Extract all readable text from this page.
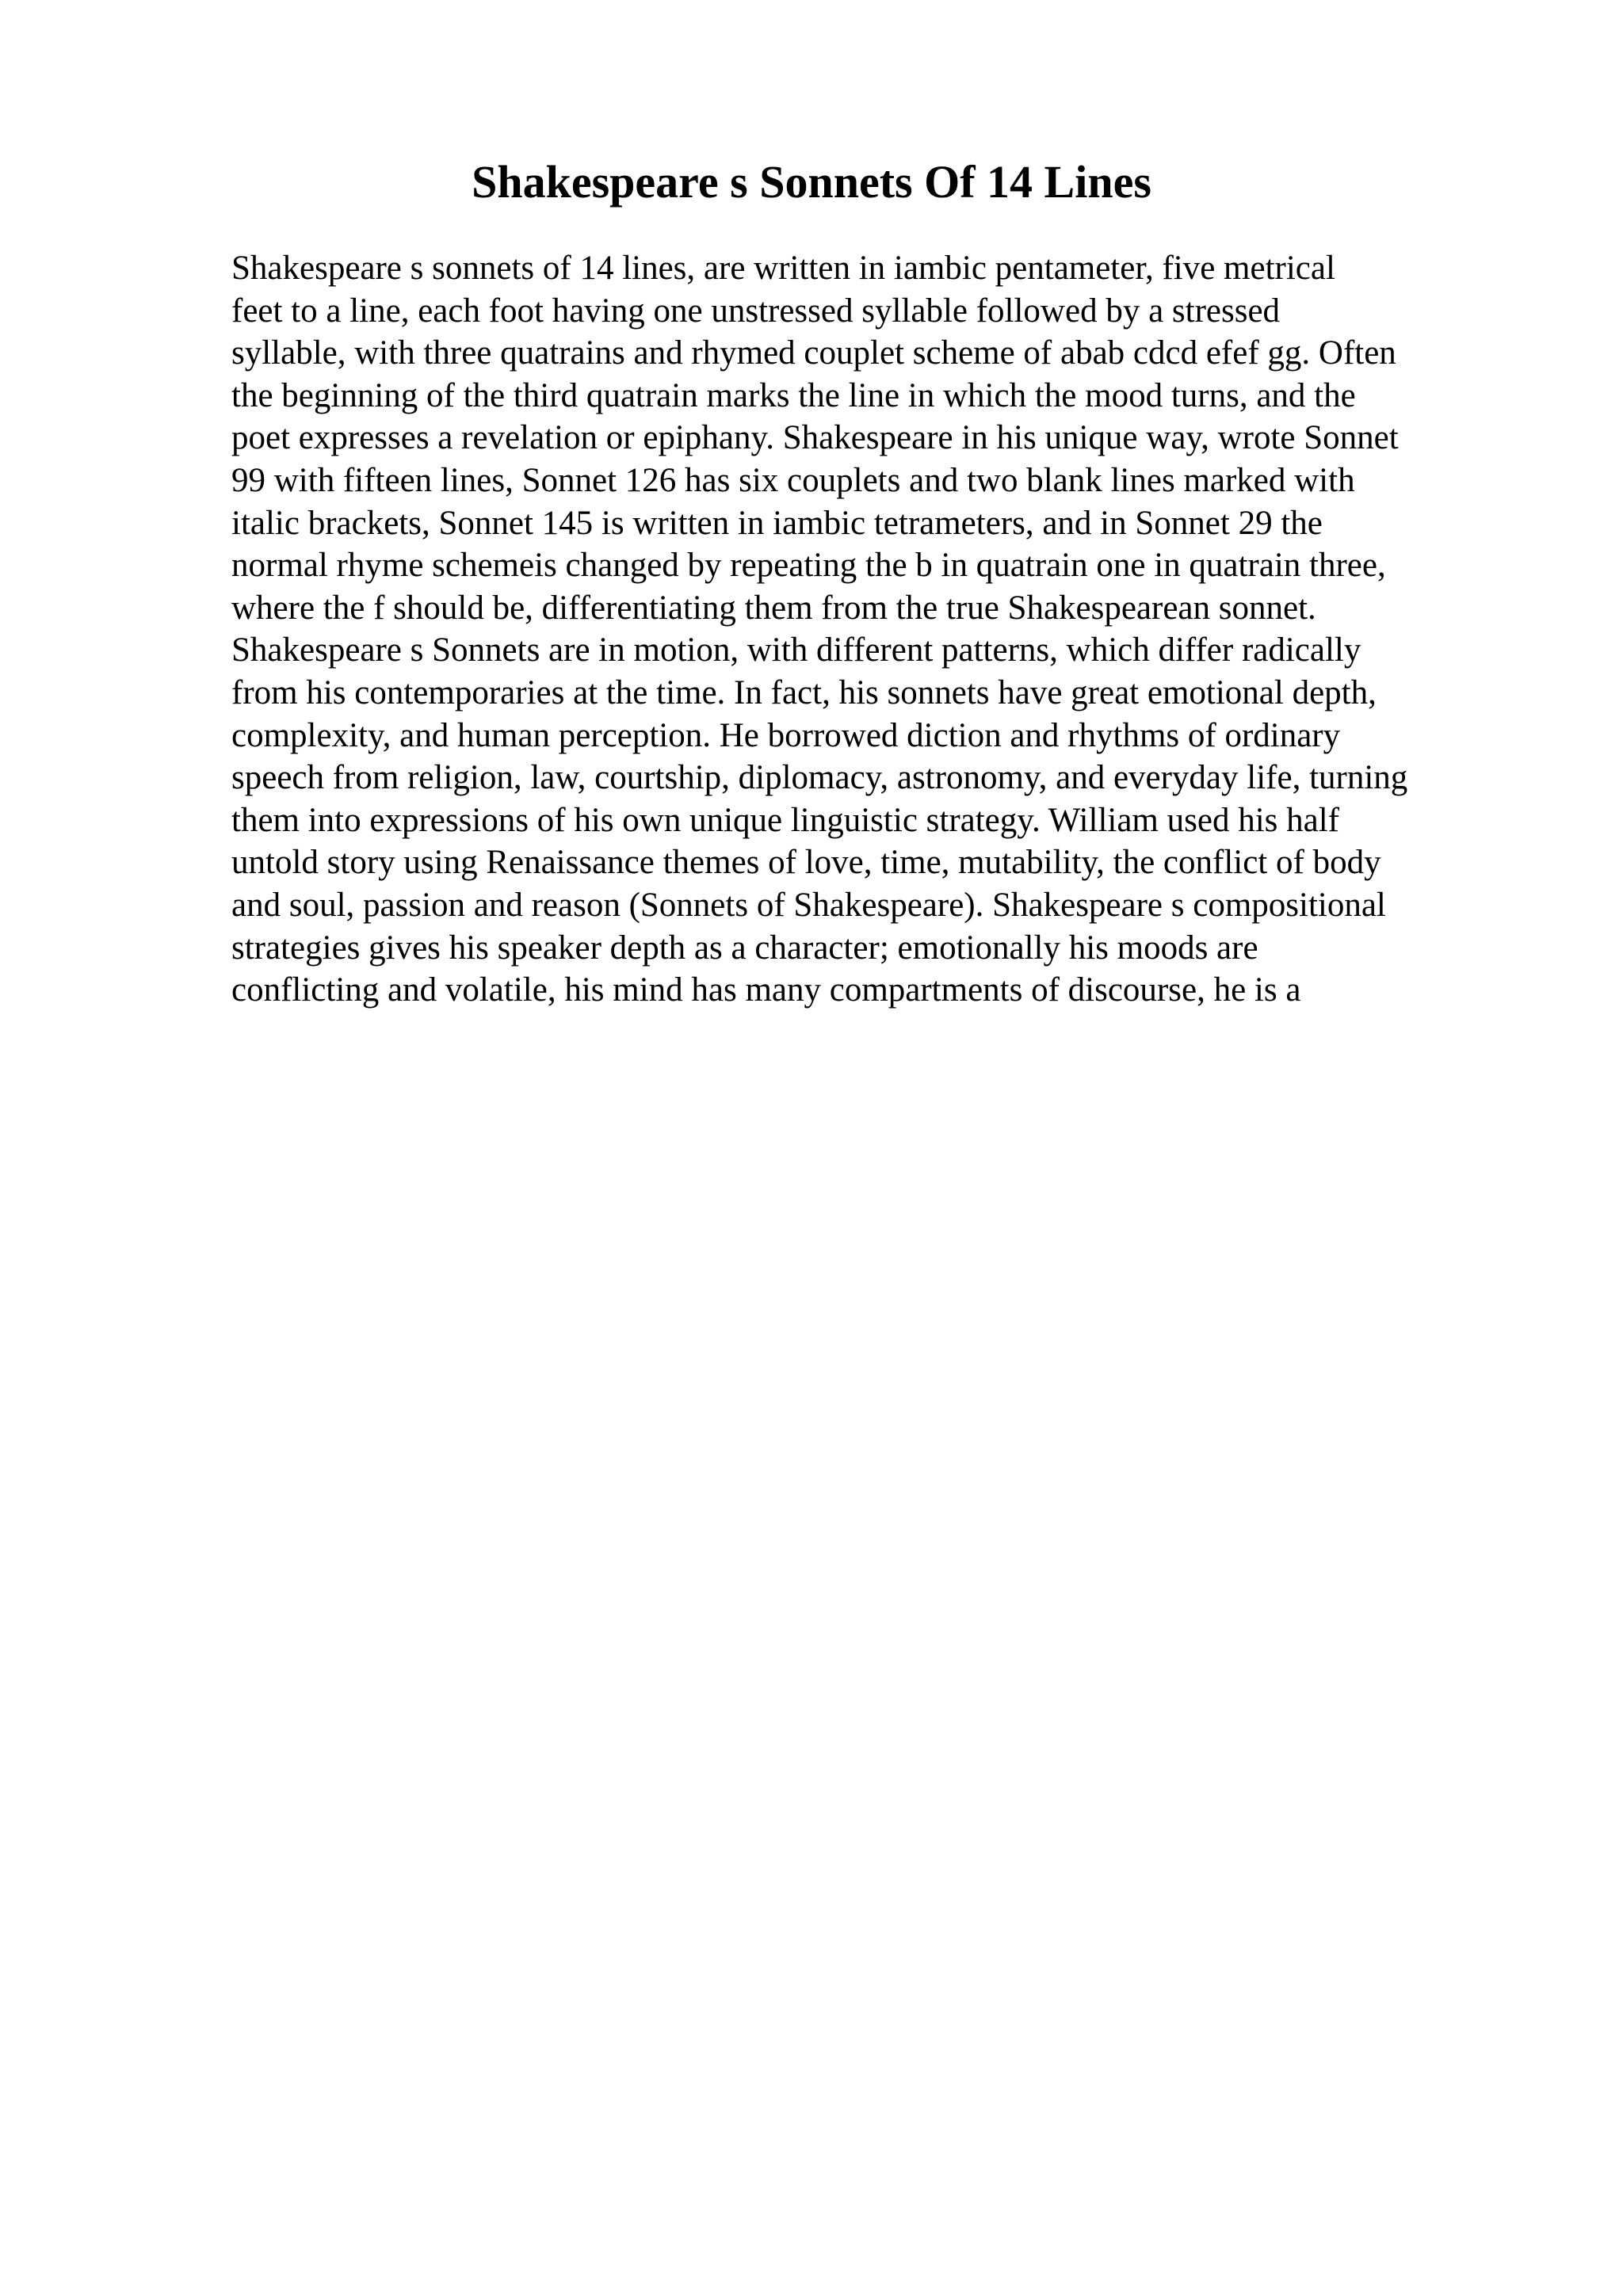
Shakespeare s Sonnets Of 14 Lines
Shakespeare s sonnets of 14 lines, are written in iambic pentameter, five metrical
feet to a line, each foot having one unstressed syllable followed by a stressed
syllable, with three quatrains and rhymed couplet scheme of abab cdcd efef gg. Often
the beginning of the third quatrain marks the line in which the mood turns, and the
poet expresses a revelation or epiphany. Shakespeare in his unique way, wrote Sonnet
99 with fifteen lines, Sonnet 126 has six couplets and two blank lines marked with
italic brackets, Sonnet 145 is written in iambic tetrameters, and in Sonnet 29 the
normal rhyme schemeis changed by repeating the b in quatrain one in quatrain three,
where the f should be, differentiating them from the true Shakespearean sonnet.
Shakespeare s Sonnets are in motion, with different patterns, which differ radically
from his contemporaries at the time. In fact, his sonnets have great emotional depth,
complexity, and human perception. He borrowed diction and rhythms of ordinary
speech from religion, law, courtship, diplomacy, astronomy, and everyday life, turning
them into expressions of his own unique linguistic strategy. William used his half
untold story using Renaissance themes of love, time, mutability, the conflict of body
and soul, passion and reason (Sonnets of Shakespeare). Shakespeare s compositional
strategies gives his speaker depth as a character; emotionally his moods are
conflicting and volatile, his mind has many compartments of discourse, he is a
